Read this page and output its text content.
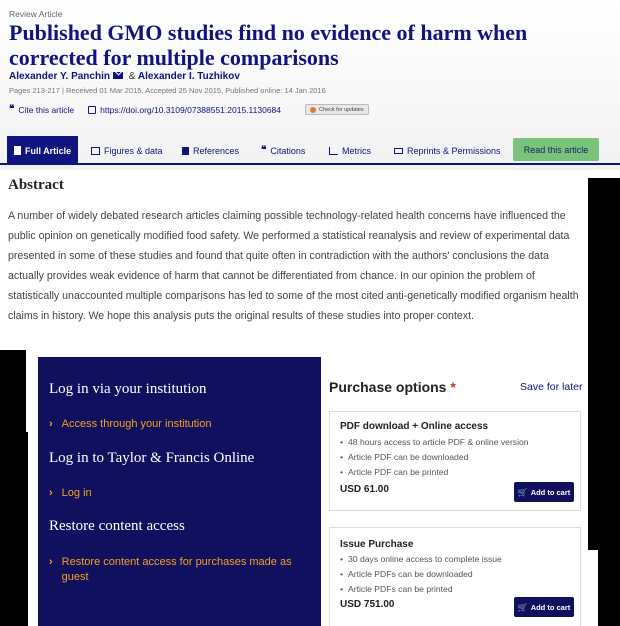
Review Article
Published GMO studies find no evidence of harm when corrected for multiple comparisons
Alexander Y. Panchin & Alexander I. Tuzhikov
Pages 213-217 | Received 01 Mar 2015, Accepted 25 Nov 2015, Published online: 14 Jan 2016
❝ Cite this article	https://doi.org/10.3109/07388551.2015.1130684	Check for updates
Full Article	Figures & data	References ❝ Citations	Metrics	Reprints & Permissions	Read this article
Abstract
A number of widely debated research articles claiming possible technology-related health concerns have influenced the public opinion on genetically modified food safety. We performed a statistical reanalysis and review of experimental data presented in some of these studies and found that quite often in contradiction with the authors' conclusions the data actually provides weak evidence of harm that cannot be differentiated from chance. In our opinion the problem of statistically unaccounted multiple comparisons has led to some of the most cited anti-genetically modified organism health claims in history. We hope this analysis puts the original results of these studies into proper context.
Log in via your institution
› Access through your institution
Log in to Taylor & Francis Online
› Log in
Restore content access
› Restore content access for purchases made as guest
Purchase options *	Save for later
PDF download + Online access
• 48 hours access to article PDF & online version
• Article PDF can be downloaded
• Article PDF can be printed
USD 61.00	🛒 Add to cart
Issue Purchase
• 30 days online access to complete issue
• Article PDFs can be downloaded
• Article PDFs can be printed
USD 751.00	🛒 Add to cart
